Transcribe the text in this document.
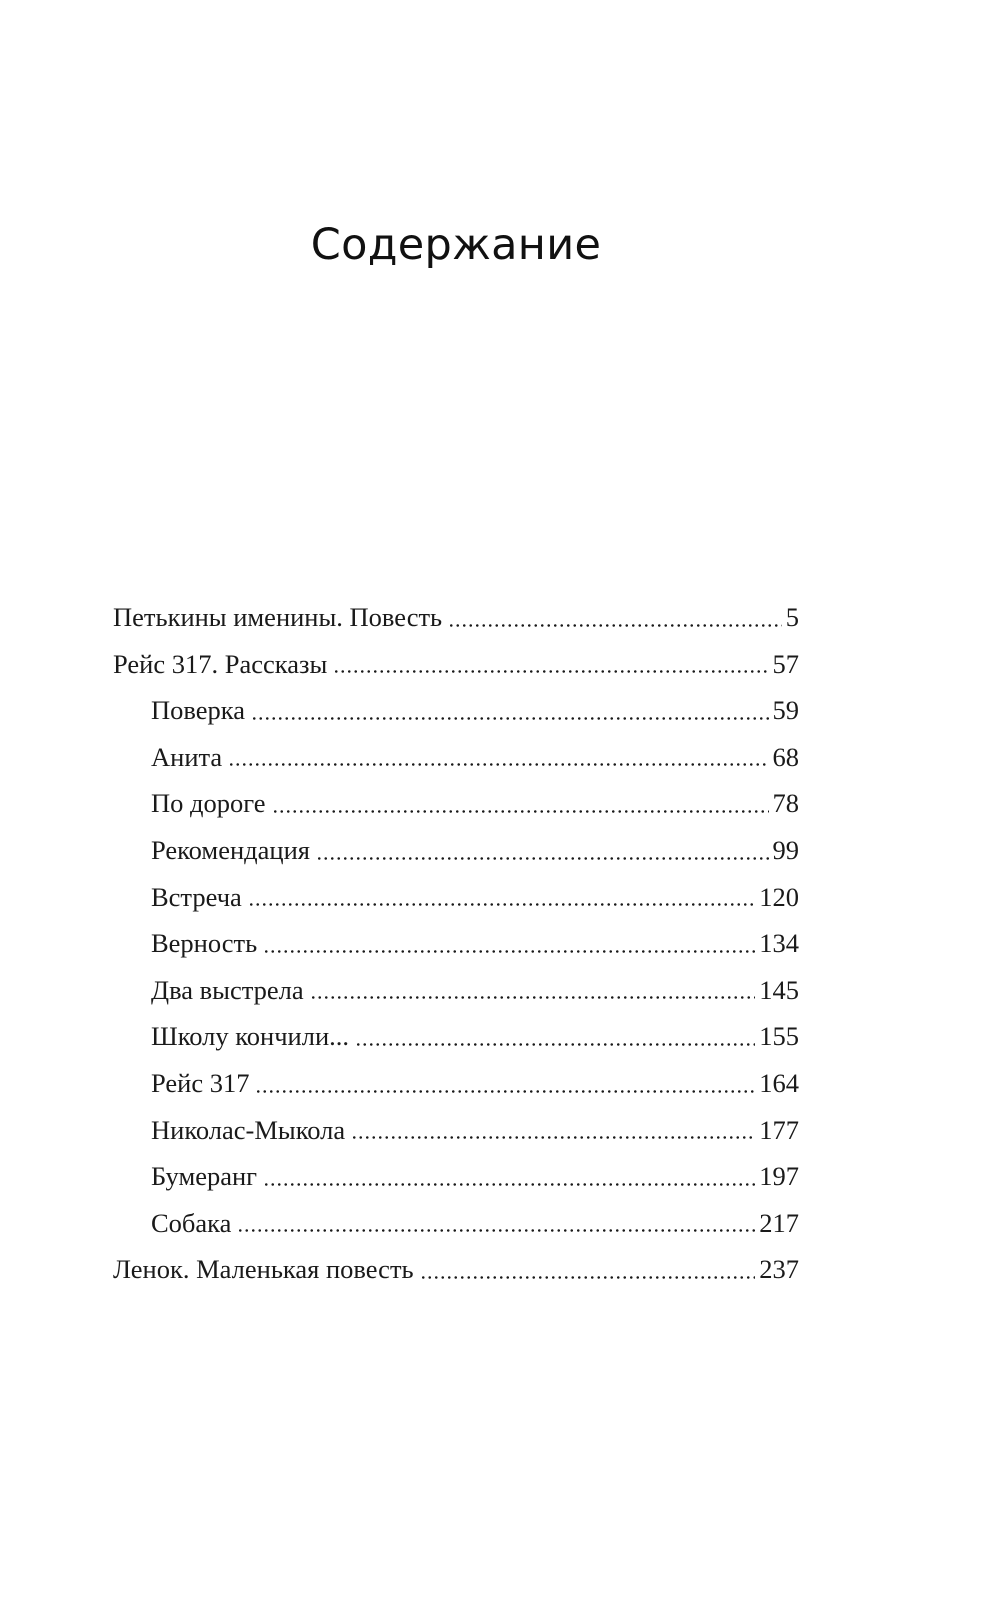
Содержание
Петькины именины. Повесть	5
Рейс 317. Рассказы	57
Поверка	59
Анита	68
По дороге	78
Рекомендация	99
Встреча	120
Верность	134
Два выстрела	145
Школу кончили...	155
Рейс 317	164
Николас-Мыкола	177
Бумеранг	197
Собака	217
Ленок. Маленькая повесть	237
